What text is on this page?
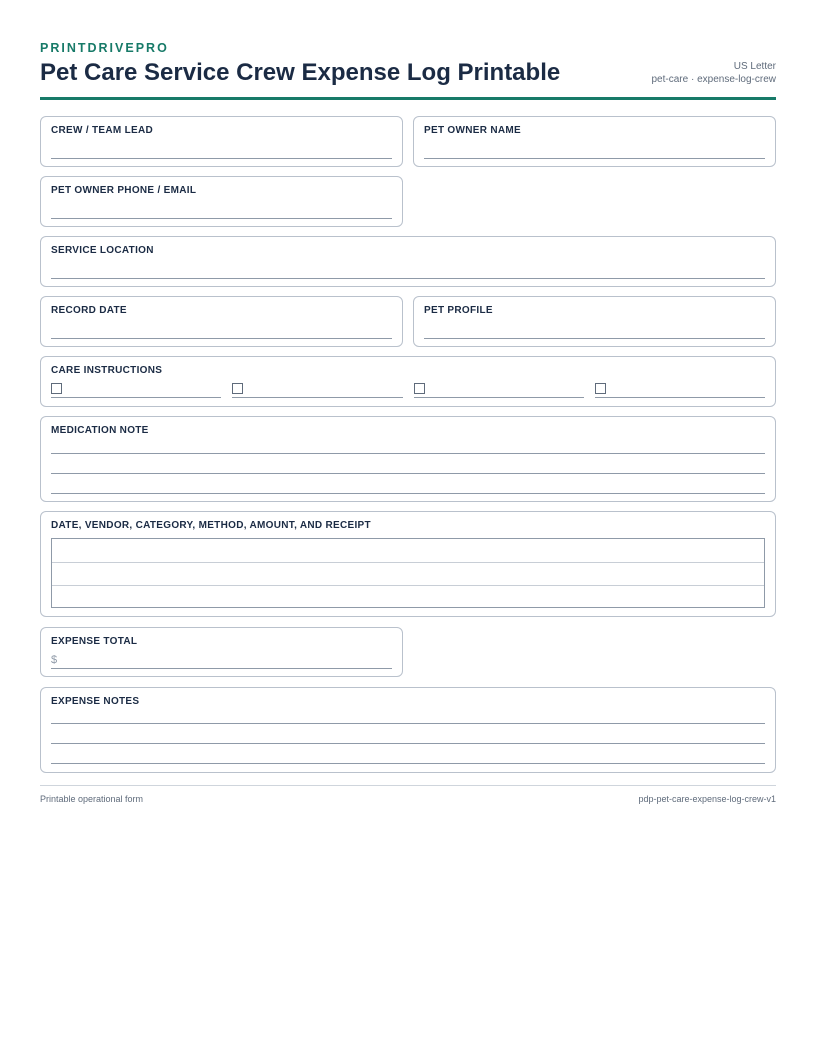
PRINTDRIVEPRO
Pet Care Service Crew Expense Log Printable	US Letter
pet-care · expense-log-crew
CREW / TEAM LEAD	PET OWNER NAME
PET OWNER PHONE / EMAIL
SERVICE LOCATION
RECORD DATE	PET PROFILE
CARE INSTRUCTIONS
MEDICATION NOTE
DATE, VENDOR, CATEGORY, METHOD, AMOUNT, AND RECEIPT
EXPENSE TOTAL
$
EXPENSE NOTES
Printable operational form	pdp-pet-care-expense-log-crew-v1
